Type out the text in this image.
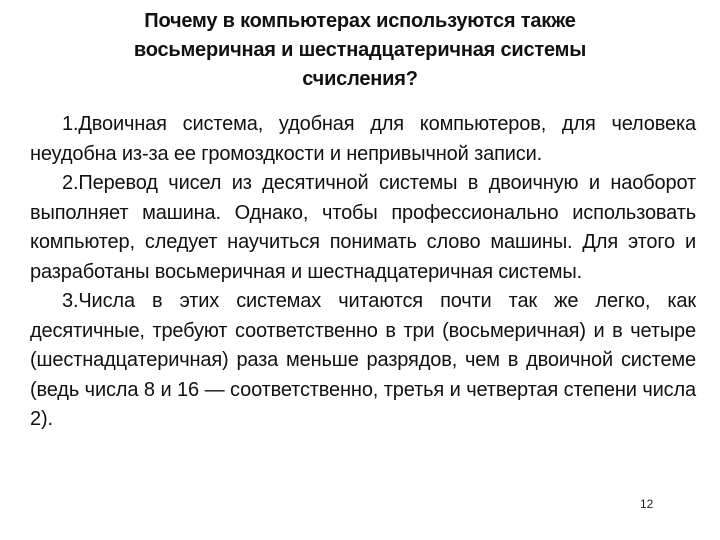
Почему в компьютерах используются также
восьмеричная и шестнадцатеричная системы
счисления?

1.Двоичная система, удобная для компьютеров, для человека неудобна из-за ее громоздкости и непривычной записи.

2.Перевод чисел из десятичной системы в двоичную и наоборот выполняет машина. Однако, чтобы профессионально использовать компьютер, следует научиться понимать слово машины. Для этого и разработаны восьмеричная и шестнадцатеричная системы.

3.Числа в этих системах читаются почти так же легко, как десятичные, требуют соответственно в три (восьмеричная) и в четыре (шестнадцатеричная) раза меньше разрядов, чем в двоичной системе (ведь числа 8 и 16 — соответственно, третья и четвертая степени числа 2).

12
